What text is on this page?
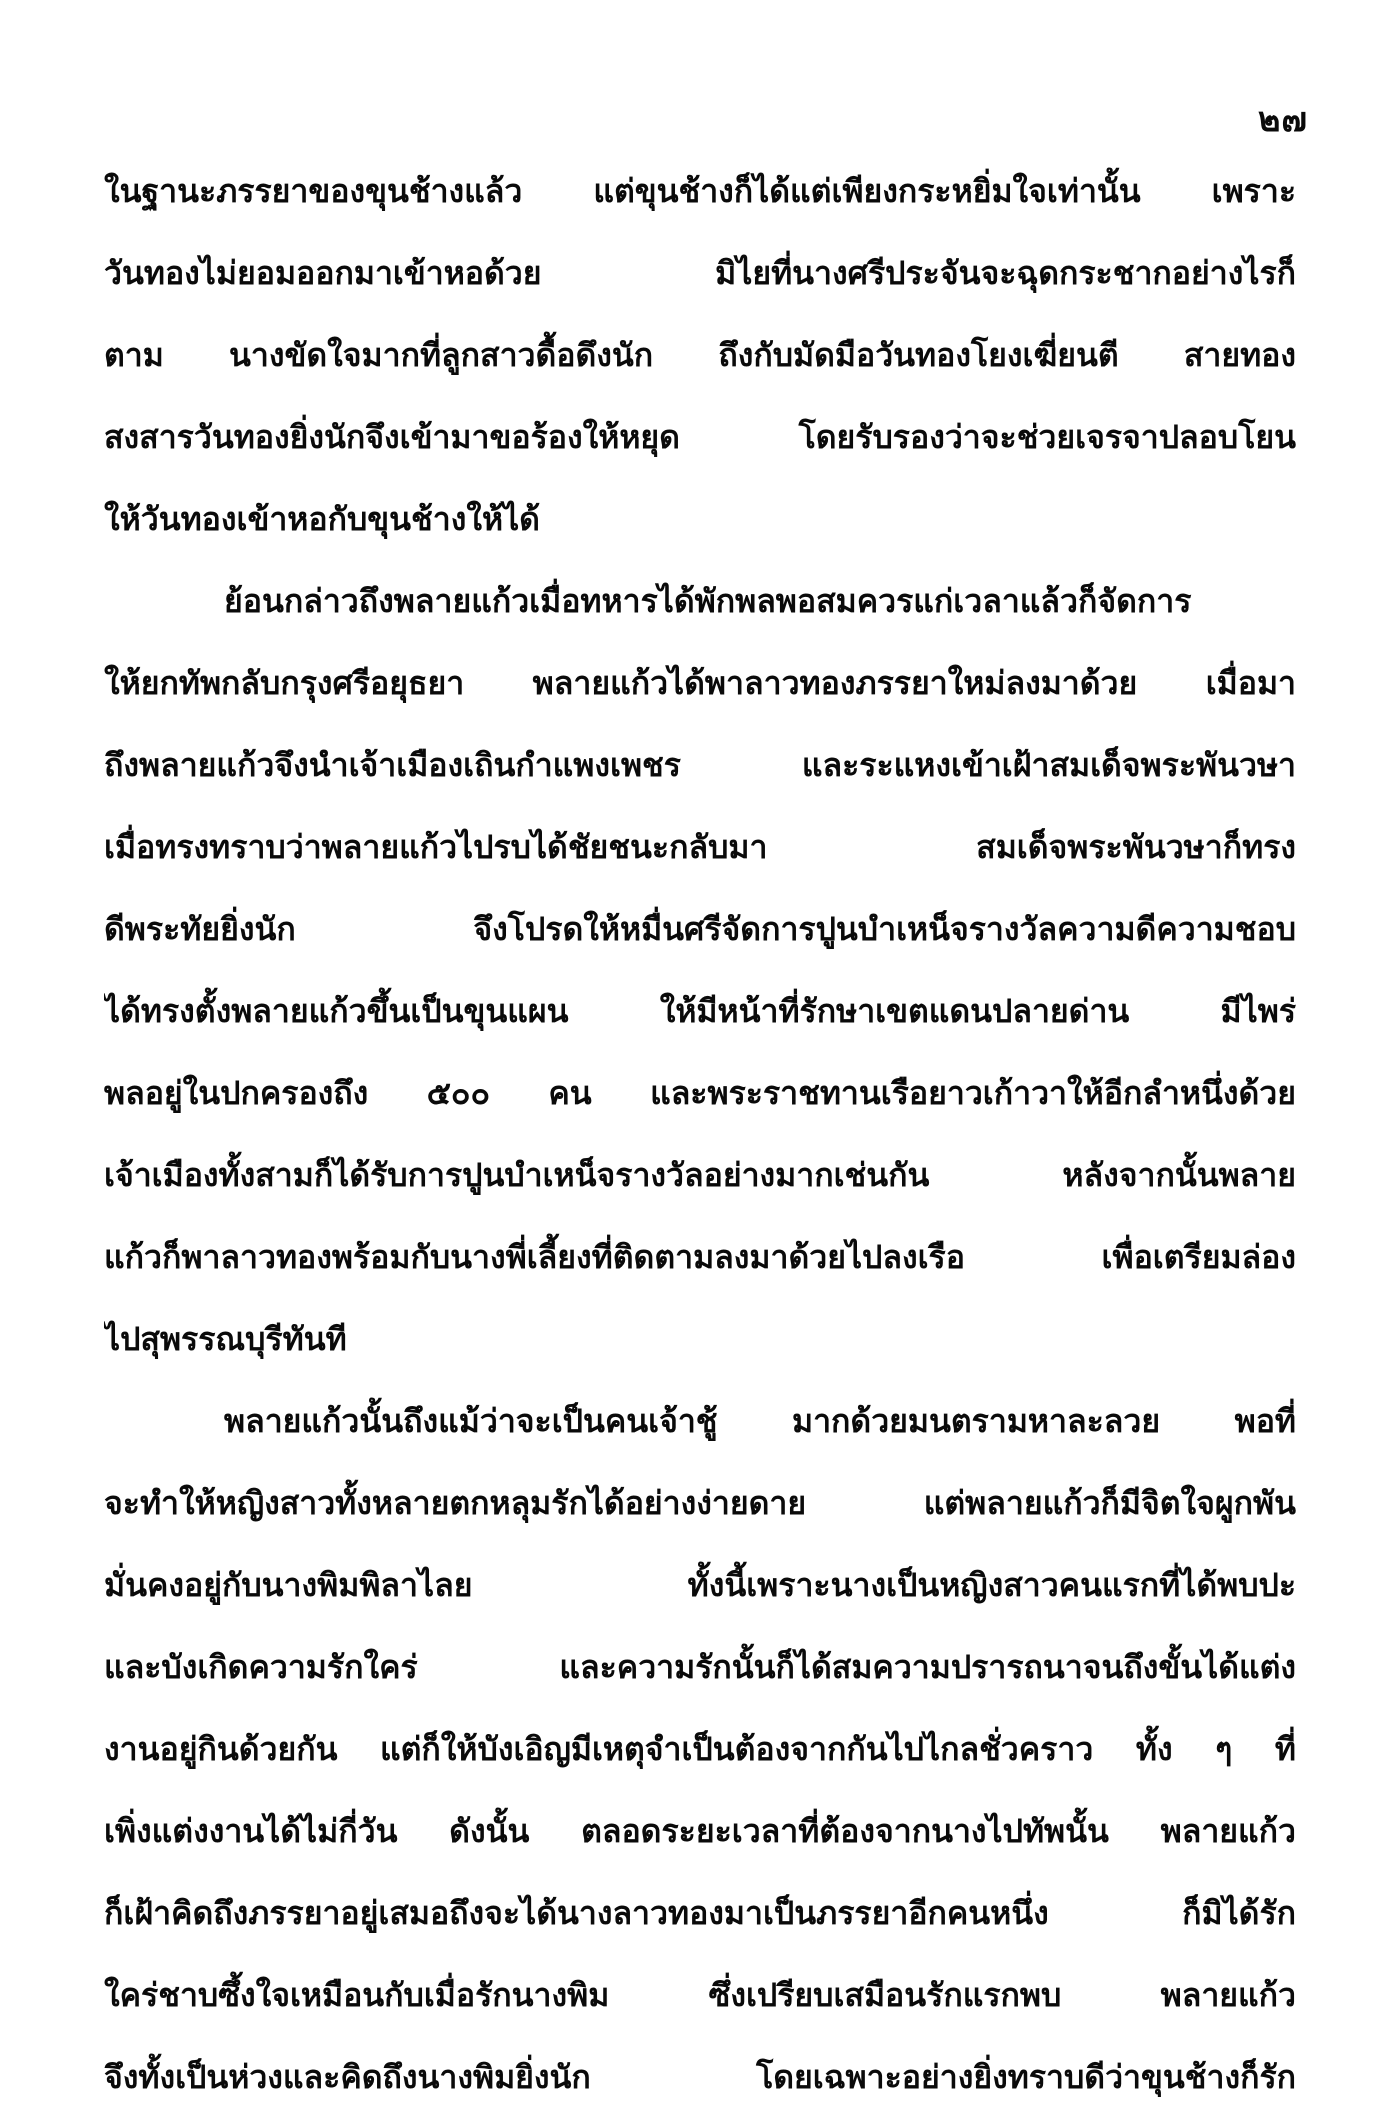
๒๗
ในฐานะภรรยาของขุนช้างแล้ว แต่ขุนช้างก็ได้แต่เพียงกระหยิ่มใจเท่านั้น เพราะ
วันทองไม่ยอมออกมาเข้าหอด้วย มิไยที่นางศรีประจันจะฉุดกระชากอย่างไรก็
ตาม นางขัดใจมากที่ลูกสาวดื้อดึงนัก ถึงกับมัดมือวันทองโยงเฆี่ยนตี สายทอง
สงสารวันทองยิ่งนักจึงเข้ามาขอร้องให้หยุด โดยรับรองว่าจะช่วยเจรจาปลอบโยน
ให้วันทองเข้าหอกับขุนช้างให้ได้
ย้อนกล่าวถึงพลายแก้วเมื่อทหารได้พักพลพอสมควรแก่เวลาแล้วก็จัดการ
ให้ยกทัพกลับกรุงศรีอยุธยา พลายแก้วได้พาลาวทองภรรยาใหม่ลงมาด้วย เมื่อมา
ถึงพลายแก้วจึงนำเจ้าเมืองเถินกำแพงเพชร และระแหงเข้าเฝ้าสมเด็จพระพันวษา
เมื่อทรงทราบว่าพลายแก้วไปรบได้ชัยชนะกลับมา สมเด็จพระพันวษาก็ทรง
ดีพระทัยยิ่งนัก จึงโปรดให้หมื่นศรีจัดการปูนบำเหน็จรางวัลความดีความชอบ
ได้ทรงตั้งพลายแก้วขึ้นเป็นขุนแผน ให้มีหน้าที่รักษาเขตแดนปลายด่าน มีไพร่
พลอยู่ในปกครองถึง ๕๐๐ คน และพระราชทานเรือยาวเก้าวาให้อีกลำหนึ่งด้วย
เจ้าเมืองทั้งสามก็ได้รับการปูนบำเหน็จรางวัลอย่างมากเช่นกัน หลังจากนั้นพลาย
แก้วก็พาลาวทองพร้อมกับนางพี่เลี้ยงที่ติดตามลงมาด้วยไปลงเรือ เพื่อเตรียมล่อง
ไปสุพรรณบุรีทันที
พลายแก้วนั้นถึงแม้ว่าจะเป็นคนเจ้าชู้ มากด้วยมนตรามหาละลวย พอที่
จะทำให้หญิงสาวทั้งหลายตกหลุมรักได้อย่างง่ายดาย แต่พลายแก้วก็มีจิตใจผูกพัน
มั่นคงอยู่กับนางพิมพิลาไลย ทั้งนี้เพราะนางเป็นหญิงสาวคนแรกที่ได้พบปะ
และบังเกิดความรักใคร่ และความรักนั้นก็ได้สมความปรารถนาจนถึงขั้นได้แต่ง
งานอยู่กินด้วยกัน แต่ก็ให้บังเอิญมีเหตุจำเป็นต้องจากกันไปไกลชั่วคราว ทั้ง ๆ ที่
เพิ่งแต่งงานได้ไม่กี่วัน ดังนั้น ตลอดระยะเวลาที่ต้องจากนางไปทัพนั้น พลายแก้ว
ก็เฝ้าคิดถึงภรรยาอยู่เสมอถึงจะได้นางลาวทองมาเป็นภรรยาอีกคนหนึ่ง ก็มิได้รัก
ใคร่ชาบซึ้งใจเหมือนกับเมื่อรักนางพิม ซึ่งเปรียบเสมือนรักแรกพบ พลายแก้ว
จึงทั้งเป็นห่วงและคิดถึงนางพิมยิ่งนัก โดยเฉพาะอย่างยิ่งทราบดีว่าขุนช้างก็รัก
